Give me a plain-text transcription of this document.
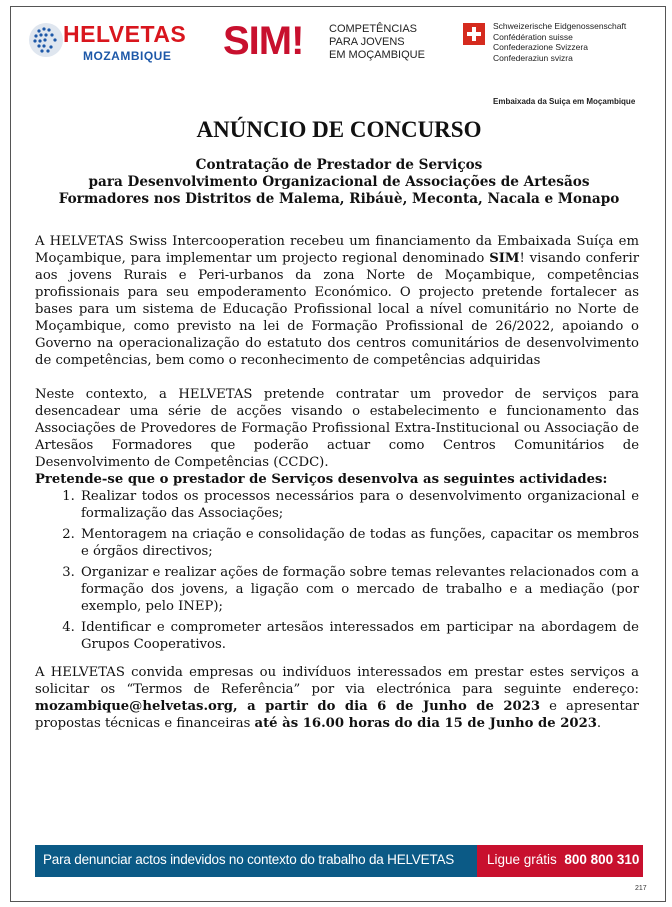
HELVETAS
MOZAMBIQUE SIM! COMPETÊNCIAS
PARA JOVENS
EM MOÇAMBIQUE
Schweizerische Eidgenossenschaft
Confédération suisse
Confederazione Svizzera
Confederaziun svizra
Embaixada da Suiça em Moçambique
ANÚNCIO DE CONCURSO
Contratação de Prestador de Serviços
para Desenvolvimento Organizacional de Associações de Artesãos
Formadores nos Distritos de Malema, Ribáuè, Meconta, Nacala e Monapo

A HELVETAS Swiss Intercooperation recebeu um financiamento da Embaixada Suíça em Moçambique, para implementar um projecto regional denominado SIM! visando conferir aos jovens Rurais e Peri-urbanos da zona Norte de Moçambique, competências profissionais para seu empoderamento Económico. O projecto pretende fortalecer as bases para um sistema de Educação Profissional local a nível comunitário no Norte de Moçambique, como previsto na lei de Formação Profissional de 26/2022, apoiando o Governo na operacionalização do estatuto dos centros comunitários de desenvolvimento de competências, bem como o reconhecimento de competências adquiridas

Neste contexto, a HELVETAS pretende contratar um provedor de serviços para desencadear uma série de acções visando o estabelecimento e funcionamento das Associações de Provedores de Formação Profissional Extra-Institucional ou Associação de Artesãos Formadores que poderão actuar como Centros Comunitários de Desenvolvimento de Competências (CCDC).

Pretende-se que o prestador de Serviços desenvolva as seguintes actividades:

1. Realizar todos os processos necessários para o desenvolvimento organizacional e formalização das Associações;
2. Mentoragem na criação e consolidação de todas as funções, capacitar os membros e órgãos directivos;
3. Organizar e realizar ações de formação sobre temas relevantes relacionados com a formação dos jovens, a ligação com o mercado de trabalho e a mediação (por exemplo, pelo INEP);
4. Identificar e comprometer artesãos interessados em participar na abordagem de Grupos Cooperativos.

A HELVETAS convida empresas ou indivíduos interessados em prestar estes serviços a solicitar os “Termos de Referência” por via electrónica para seguinte endereço: mozambique@helvetas.org, a partir do dia 6 de Junho de 2023 e apresentar propostas técnicas e financeiras até às 16.00 horas do dia 15 de Junho de 2023.

Para denunciar actos indevidos no contexto do trabalho da HELVETAS Ligue grátis 800 800 310
217
